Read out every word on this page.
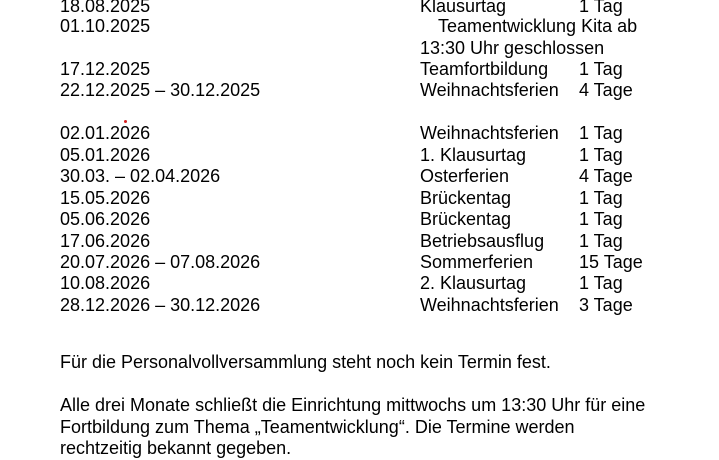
18.08.2025	Klausurtag	1 Tag
01.10.2025	Teamentwicklung Kita ab
13:30 Uhr geschlossen
17.12.2025	Teamfortbildung 1 Tag
22.12.2025 – 30.12.2025	Weihnachtsferien 4 Tage
02.01.2026	Weihnachtsferien 1 Tag
05.01.2026	1. Klausurtag	1 Tag
30.03. – 02.04.2026	Osterferien	4 Tage
15.05.2026	Brückentag	1 Tag
05.06.2026	Brückentag	1 Tag
17.06.2026	Betriebsausflug 1 Tag
20.07.2026 – 07.08.2026	Sommerferien	15 Tage
10.08.2026	2. Klausurtag	1 Tag
28.12.2026 – 30.12.2026	Weihnachtsferien 3 Tage
Für die Personalvollversammlung steht noch kein Termin fest.
Alle drei Monate schließt die Einrichtung mittwochs um 13:30 Uhr für eine Fortbildung zum Thema „Teamentwicklung“. Die Termine werden rechtzeitig bekannt gegeben.
